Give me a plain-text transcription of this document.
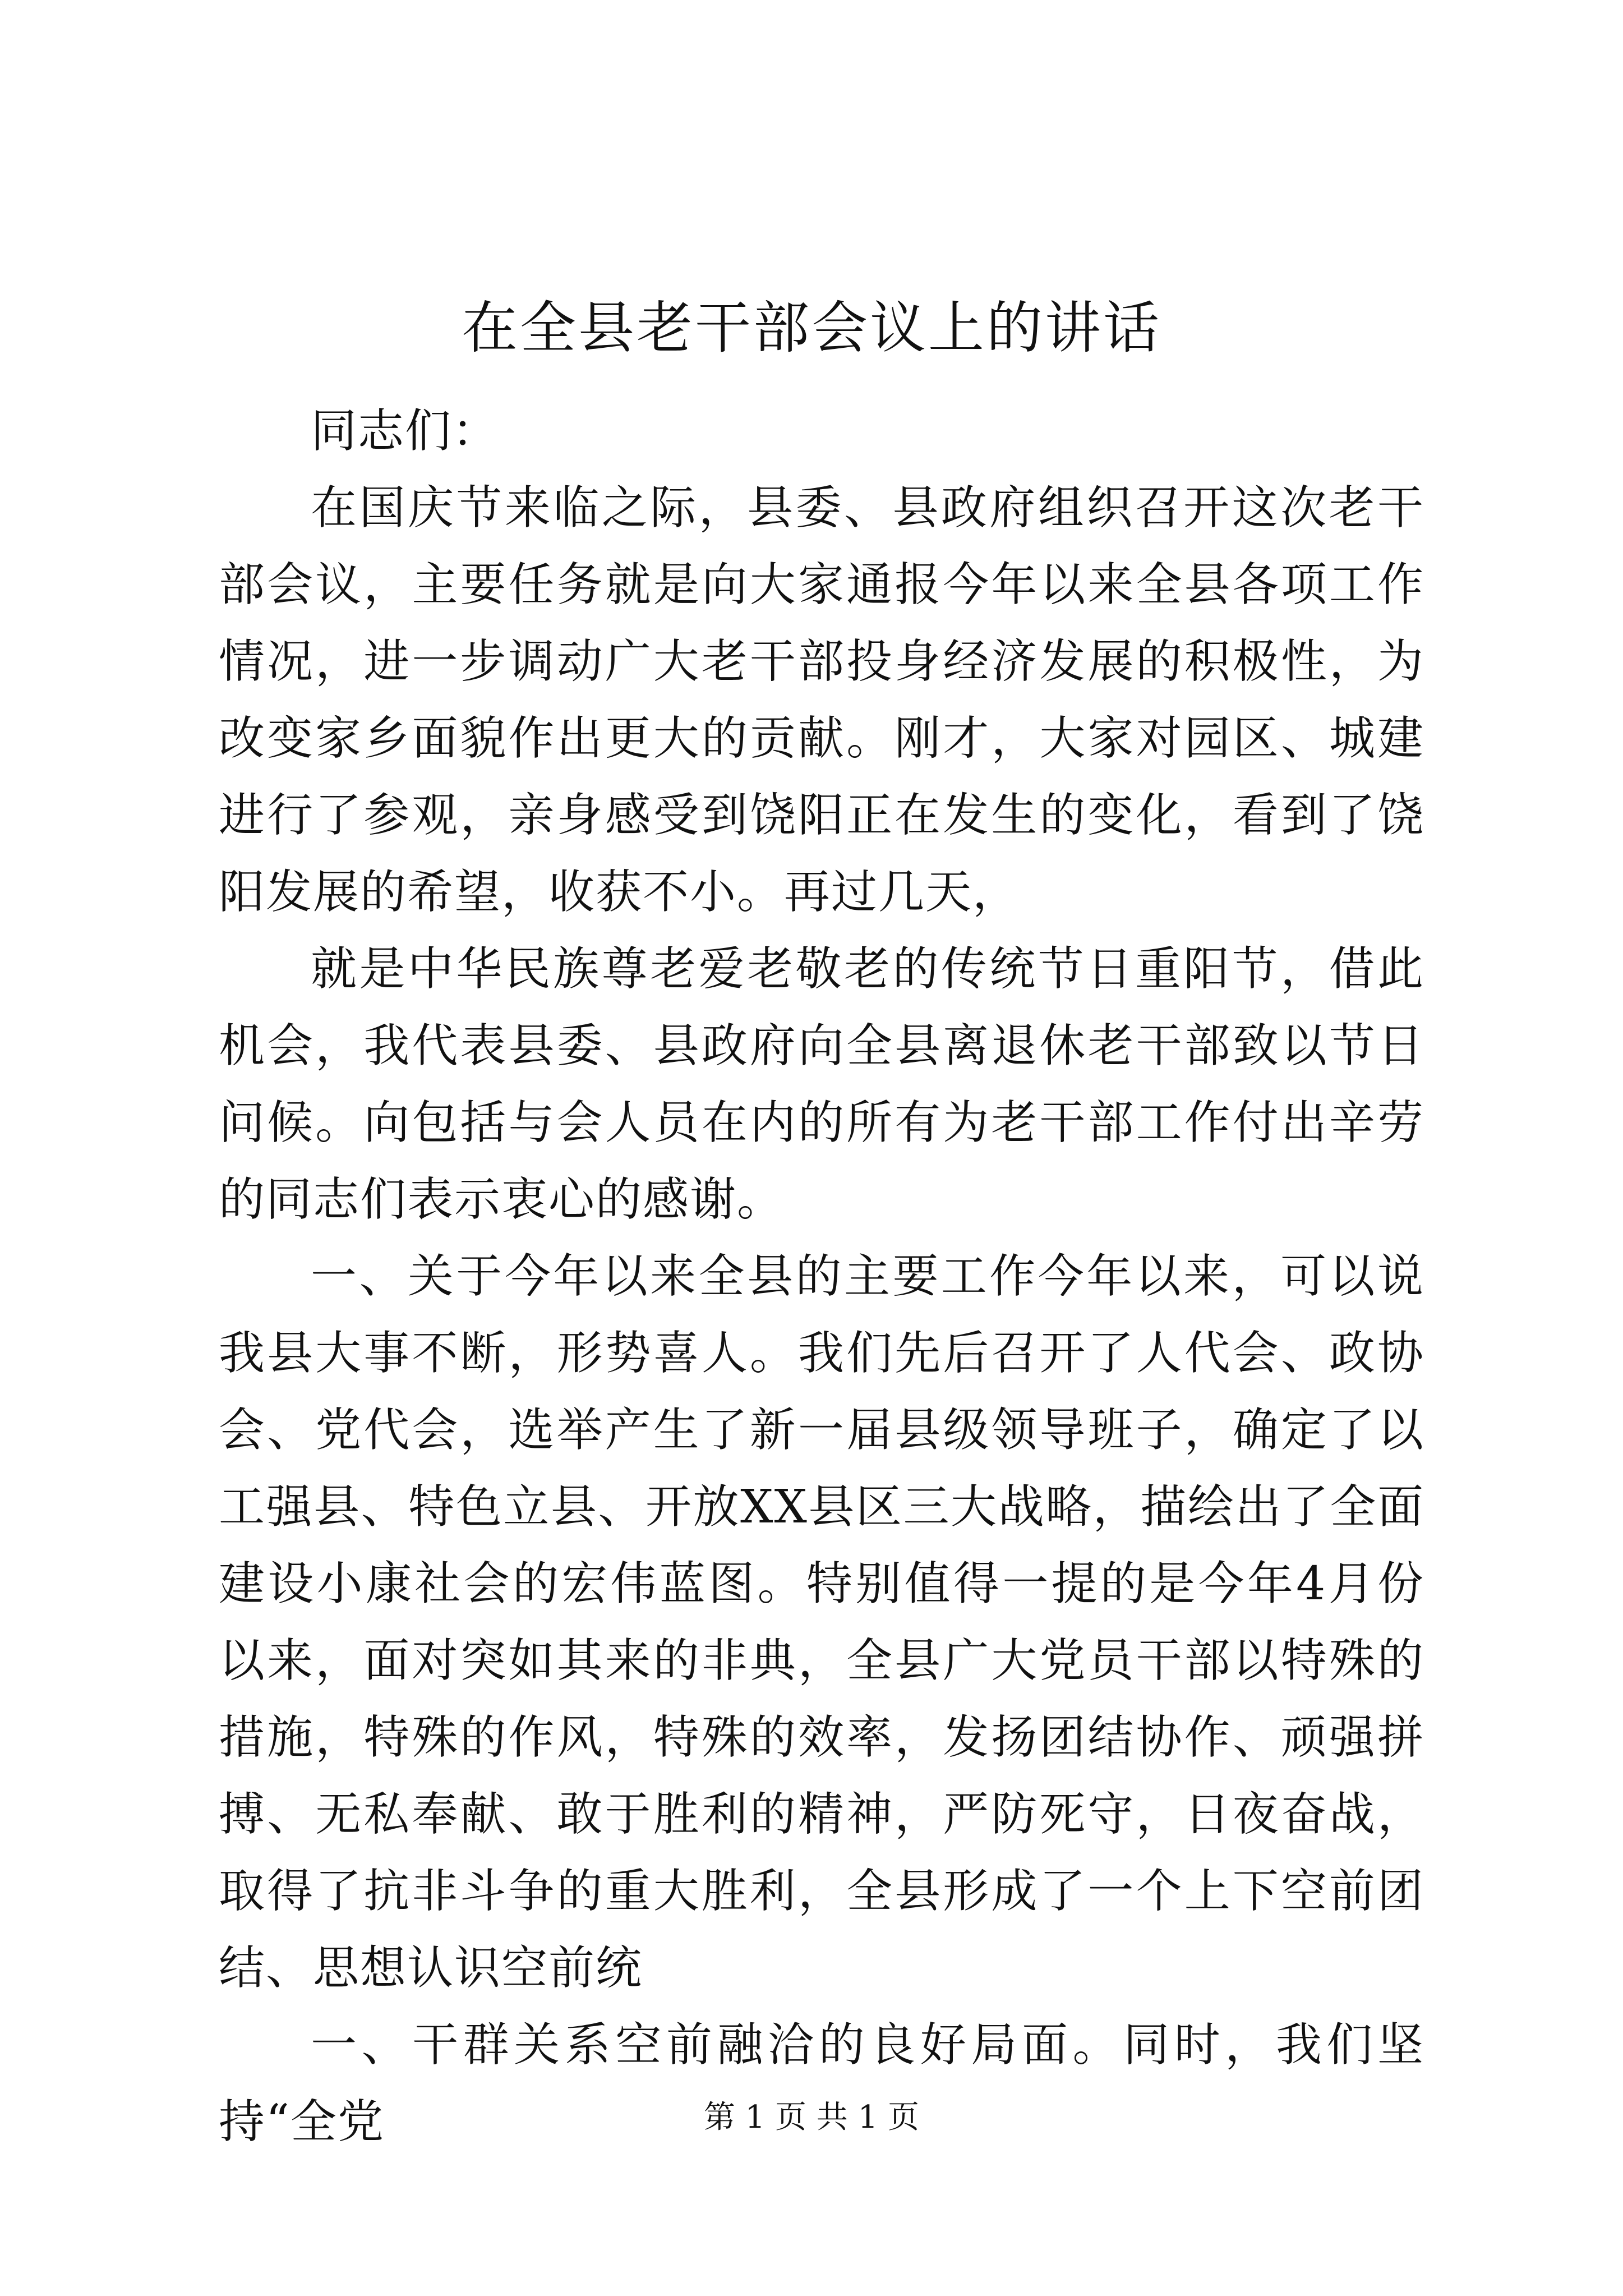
在全县老干部会议上的讲话

同志们：

在国庆节来临之际，县委、县政府组织召开这次老干部会议，主要任务就是向大家通报今年以来全县各项工作情况，进一步调动广大老干部投身经济发展的积极性，为改变家乡面貌作出更大的贡献。刚才，大家对园区、城建进行了参观，亲身感受到饶阳正在发生的变化，看到了饶阳发展的希望，收获不小。再过几天，

就是中华民族尊老爱老敬老的传统节日重阳节，借此机会，我代表县委、县政府向全县离退休老干部致以节日问候。向包括与会人员在内的所有为老干部工作付出辛劳的同志们表示衷心的感谢。

一、关于今年以来全县的主要工作今年以来，可以说我县大事不断，形势喜人。我们先后召开了人代会、政协会、党代会，选举产生了新一届县级领导班子，确定了以工强县、特色立县、开放XX县区三大战略，描绘出了全面建设小康社会的宏伟蓝图。特别值得一提的是今年4月份以来，面对突如其来的非典，全县广大党员干部以特殊的措施，特殊的作风，特殊的效率，发扬团结协作、顽强拼搏、无私奉献、敢于胜利的精神，严防死守，日夜奋战，取得了抗非斗争的重大胜利，全县形成了一个上下空前团结、思想认识空前统

一、干群关系空前融洽的良好局面。同时，我们坚持“全党	第 1 页 共 1 页
